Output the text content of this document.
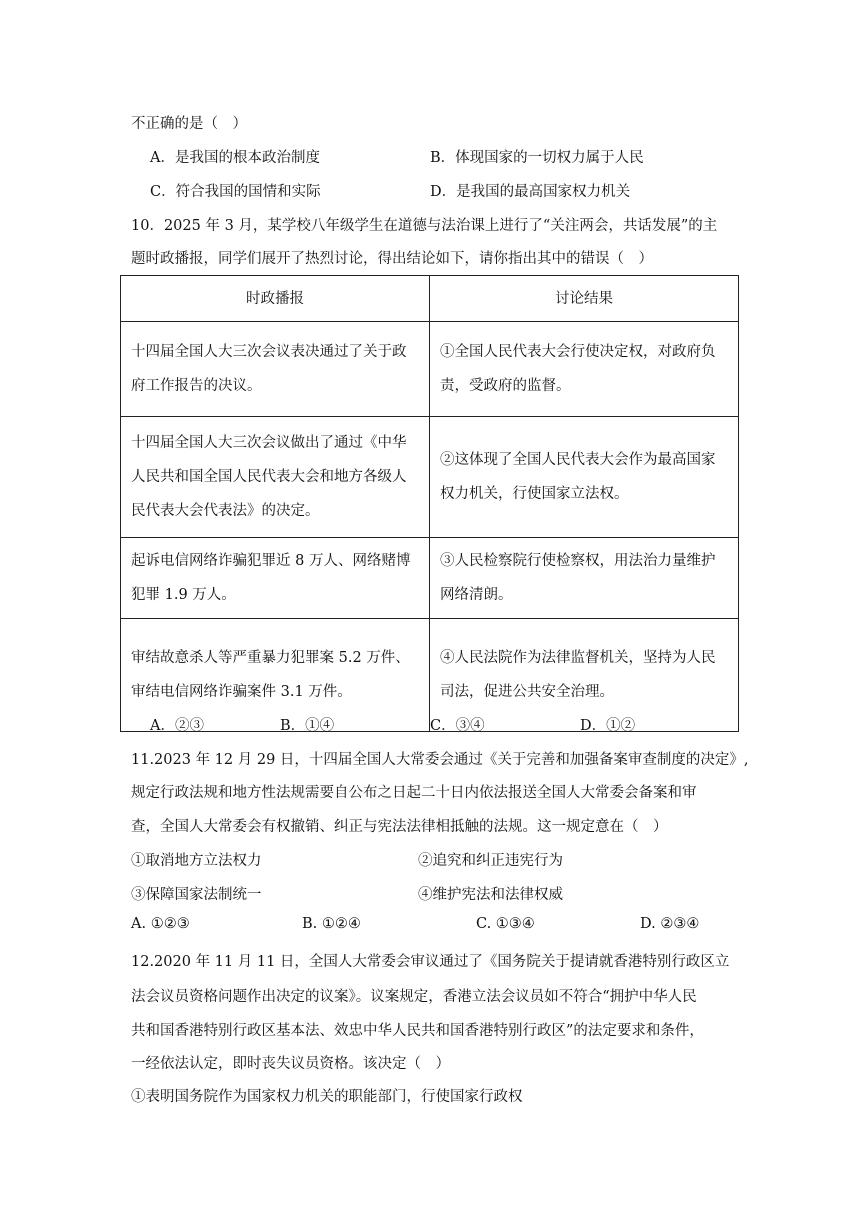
不正确的是（　）
A．是我国的根本政治制度	B．体现国家的一切权力属于人民
C．符合我国的国情和实际	D．是我国的最高国家权力机关
10．2025 年 3 月，某学校八年级学生在道德与法治课上进行了“关注两会，共话发展”的主
题时政播报，同学们展开了热烈讨论，得出结论如下，请你指出其中的错误（　）
时政播报	讨论结果
十四届全国人大三次会议表决通过了关于政府工作报告的决议。	①全国人民代表大会行使决定权，对政府负责，受政府的监督。
十四届全国人大三次会议做出了通过《中华人民共和国全国人民代表大会和地方各级人民代表大会代表法》的决定。	②这体现了全国人民代表大会作为最高国家权力机关，行使国家立法权。
起诉电信网络诈骗犯罪近 8 万人、网络赌博犯罪 1.9 万人。	③人民检察院行使检察权，用法治力量维护网络清朗。
审结故意杀人等严重暴力犯罪案 5.2 万件、审结电信网络诈骗案件 3.1 万件。	④人民法院作为法律监督机关，坚持为人民司法，促进公共安全治理。
A．②③	B．①④	C．③④	D．①②
11.2023 年 12 月 29 日，十四届全国人大常委会通过《关于完善和加强备案审查制度的决定》,
规定行政法规和地方性法规需要自公布之日起二十日内依法报送全国人大常委会备案和审
查，全国人大常委会有权撤销、纠正与宪法法律相抵触的法规。这一规定意在（　）
①取消地方立法权力	②追究和纠正违宪行为
③保障国家法制统一	④维护宪法和法律权威
A. ①②③	B. ①②④	C. ①③④	D. ②③④
12.2020 年 11 月 11 日，全国人大常委会审议通过了《国务院关于提请就香港特别行政区立
法会议员资格问题作出决定的议案》。议案规定，香港立法会议员如不符合“拥护中华人民
共和国香港特别行政区基本法、效忠中华人民共和国香港特别行政区”的法定要求和条件，
一经依法认定，即时丧失议员资格。该决定（　）
①表明国务院作为国家权力机关的职能部门，行使国家行政权
